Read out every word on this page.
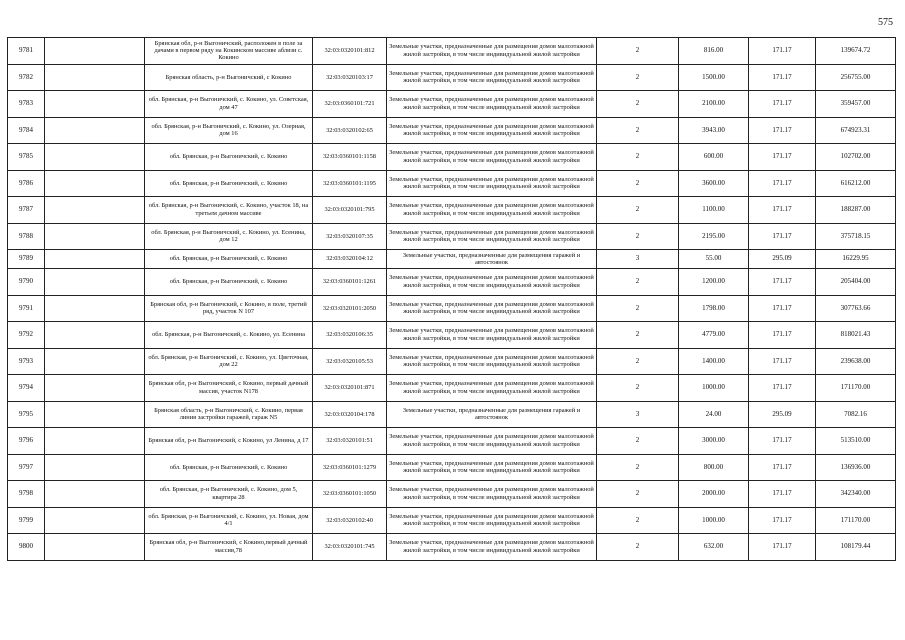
575
9781		Брянская обл, р-н Выгоничский, расположен в поле за дачами в первом ряду на Кокинском массиве аблизи с. Кокино	32:03:0320101:812	Земельные участки, предназначенные для размещения домов малоэтажной жилой застройки, в том числе индивидуальной жилой застройки	2	816.00	171.17	139674.72
9782		Брянская область, р-н Выгоничский, с Кокино	32:03:0320103:17	Земельные участки, предназначенные для размещения домов малоэтажной жилой застройки, в том числе индивидуальной жилой застройки	2	1500.00	171.17	256755.00
9783		обл. Брянская, р-н Выгоничский, с. Кокино, ул. Советская, дом 47	32:03:0360101:721	Земельные участки, предназначенные для размещения домов малоэтажной жилой застройки, в том числе индивидуальной жилой застройки	2	2100.00	171.17	359457.00
9784		обл. Брянская, р-н Выгоничский, с. Кокино, ул. Озерная, дом 16	32:03:0320102:65	Земельные участки, предназначенные для размещения домов малоэтажной жилой застройки, в том числе индивидуальной жилой застройки	2	3943.00	171.17	674923.31
9785		обл. Брянская, р-н Выгоничский, с. Кокино	32:03:0360101:1158	Земельные участки, предназначенные для размещения домов малоэтажной жилой застройки, в том числе индивидуальной жилой застройки	2	600.00	171.17	102702.00
9786		обл. Брянская, р-н Выгоничский, с. Кокино	32:03:0360101:1195	Земельные участки, предназначенные для размещения домов малоэтажной жилой застройки, в том числе индивидуальной жилой застройки	2	3600.00	171.17	616212.00
9787		обл. Брянская, р-н Выгоничский, с. Кокино, участок 18, на третьем дачном массиве	32:03:0320101:795	Земельные участки, предназначенные для размещения домов малоэтажной жилой застройки, в том числе индивидуальной жилой застройки	2	1100.00	171.17	188287.00
9788		обл. Брянская, р-н Выгоничский, с. Кокино, ул. Есенина, дом 12	32:03:0320107:35	Земельные участки, предназначенные для размещения домов малоэтажной жилой застройки, в том числе индивидуальной жилой застройки	2	2195.00	171.17	375718.15
9789		обл. Брянская, р-н Выгоничский, с. Кокино	32:03:0320104:12	Земельные участки, предназначенные для размещения гаражей и автостоянок	3	55.00	295.09	16229.95
9790		обл. Брянская, р-н Выгоничский, с. Кокино	32:03:0360101:1261	Земельные участки, предназначенные для размещения домов малоэтажной жилой застройки, в том числе индивидуальной жилой застройки	2	1200.00	171.17	205404.00
9791		Брянская обл, р-н Выгоничский, с Кокино, в поле, третий ряд, участок N 107	32:03:0320101:2050	Земельные участки, предназначенные для размещения домов малоэтажной жилой застройки, в том числе индивидуальной жилой застройки	2	1798.00	171.17	307763.66
9792		обл. Брянская, р-н Выгоничский, с. Кокино, ул. Есенина	32:03:0320106:35	Земельные участки, предназначенные для размещения домов малоэтажной жилой застройки, в том числе индивидуальной жилой застройки	2	4779.00	171.17	818021.43
9793		обл. Брянская, р-н Выгоничский, с. Кокино, ул. Цветочная, дом 22	32:03:0320105:53	Земельные участки, предназначенные для размещения домов малоэтажной жилой застройки, в том числе индивидуальной жилой застройки	2	1400.00	171.17	239638.00
9794		Брянская обл, р-н Выгоничский, с Кокино, первый дачный массив, участок N178	32:03:0320101:871	Земельные участки, предназначенные для размещения домов малоэтажной жилой застройки, в том числе индивидуальной жилой застройки	2	1000.00	171.17	171170.00
9795		Брянская область, р-н Выгоничский, с. Кокино, первая линия застройки гаражей, гараж N5	32:03:0320104:178	Земельные участки, предназначенные для размещения гаражей и автостоянок	3	24.00	295.09	7082.16
9796		Брянская обл, р-н Выгоничский, с Кокино, ул Ленина, д 17	32:03:0320101:51	Земельные участки, предназначенные для размещения домов малоэтажной жилой застройки, в том числе индивидуальной жилой застройки	2	3000.00	171.17	513510.00
9797		обл. Брянская, р-н Выгоничский, с. Кокино	32:03:0360101:1279	Земельные участки, предназначенные для размещения домов малоэтажной жилой застройки, в том числе индивидуальной жилой застройки	2	800.00	171.17	136936.00
9798		обл. Брянская, р-н Выгоничский, с. Кокино, дом 5, квартира 28	32:03:0360101:1050	Земельные участки, предназначенные для размещения домов малоэтажной жилой застройки, в том числе индивидуальной жилой застройки	2	2000.00	171.17	342340.00
9799		обл. Брянская, р-н Выгоничский, с. Кокино, ул. Новая, дом 4/1	32:03:0320102:40	Земельные участки, предназначенные для размещения домов малоэтажной жилой застройки, в том числе индивидуальной жилой застройки	2	1000.00	171.17	171170.00
9800		Брянская обл, р-н Выгоничский, с Кокино,первый дачный массив,78	32:03:0320101:745	Земельные участки, предназначенные для размещения домов малоэтажной жилой застройки, в том числе индивидуальной жилой застройки	2	632.00	171.17	108179.44
